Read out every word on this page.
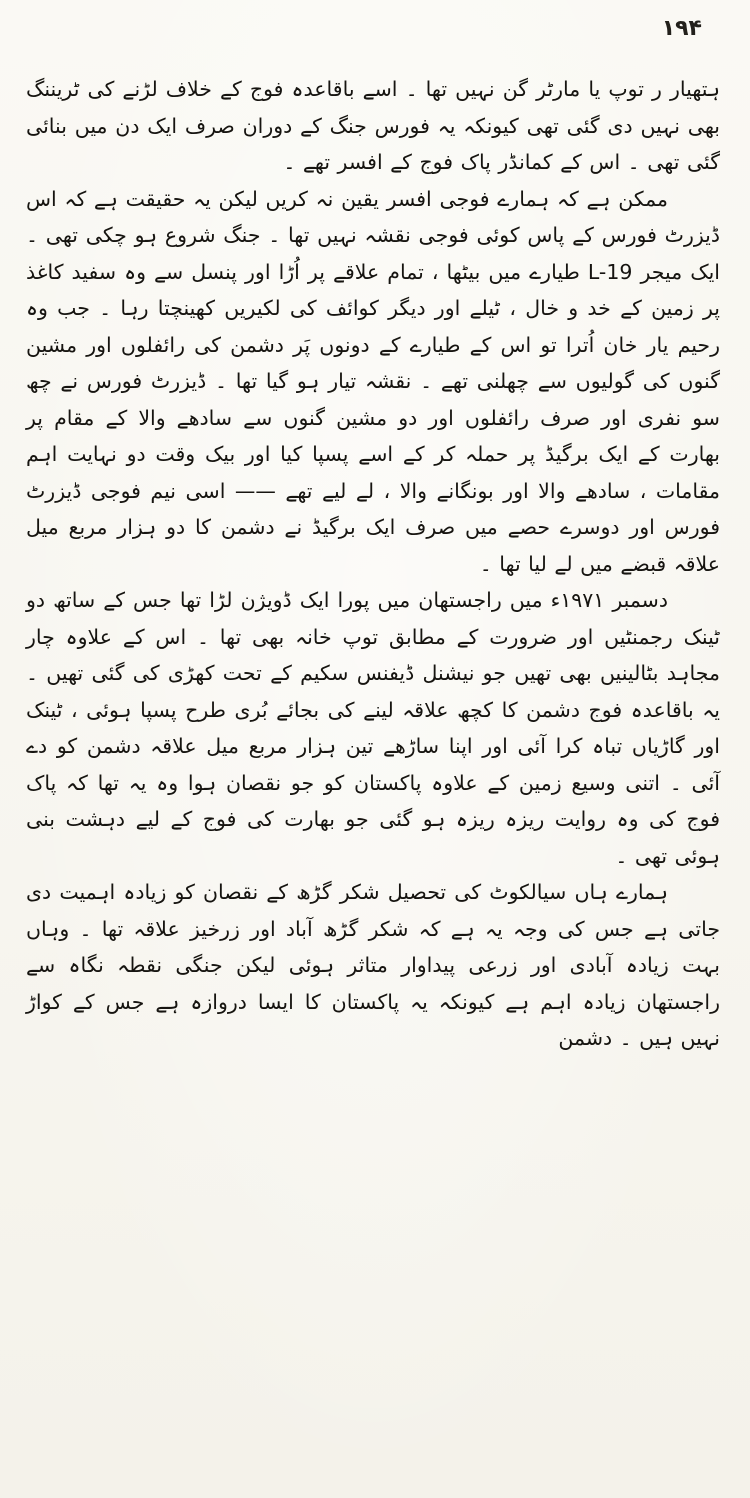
۱۹۴

ہتھیار ر توپ یا مارٹر گن نہیں تھا ۔ اسے باقاعدہ فوج کے خلاف لڑنے کی ٹریننگ بھی نہیں دی گئی تھی کیونکہ یہ فورس جنگ کے دوران صرف ایک دن میں بنائی گئی تھی ۔ اس کے کمانڈر پاک فوج کے افسر تھے ۔

ممکن ہے کہ ہمارے فوجی افسر یقین نہ کریں لیکن یہ حقیقت ہے کہ اس ڈیزرٹ فورس کے پاس کوئی فوجی نقشہ نہیں تھا ۔ جنگ شروع ہو چکی تھی ۔ ایک میجر L-19 طیارے میں بیٹھا ، تمام علاقے پر اُڑا اور پنسل سے وہ سفید کاغذ پر زمین کے خد و خال ، ٹیلے اور دیگر کوائف کی لکیریں کھینچتا رہا ۔ جب وہ رحیم یار خان اُترا تو اس کے طیارے کے دونوں پَر دشمن کی رائفلوں اور مشین گنوں کی گولیوں سے چھلنی تھے ۔ نقشہ تیار ہو گیا تھا ۔ ڈیزرٹ فورس نے چھ سو نفری اور صرف رائفلوں اور دو مشین گنوں سے سادھے والا کے مقام پر بھارت کے ایک برگیڈ پر حملہ کر کے اسے پسپا کیا اور بیک وقت دو نہایت اہم مقامات ، سادھے والا اور بونگانے والا ، لے لیے تھے —— اسی نیم فوجی ڈیزرٹ فورس اور دوسرے حصے میں صرف ایک برگیڈ نے دشمن کا دو ہزار مربع میل علاقہ قبضے میں لے لیا تھا ۔

دسمبر ۱۹۷۱ء میں راجستھان میں پورا ایک ڈویژن لڑا تھا جس کے ساتھ دو ٹینک رجمنٹیں اور ضرورت کے مطابق توپ خانہ بھی تھا ۔ اس کے علاوہ چار مجاہد بٹالینیں بھی تھیں جو نیشنل ڈیفنس سکیم کے تحت کھڑی کی گئی تھیں ۔ یہ باقاعدہ فوج دشمن کا کچھ علاقہ لینے کی بجائے بُری طرح پسپا ہوئی ، ٹینک اور گاڑیاں تباہ کرا آئی اور اپنا ساڑھے تین ہزار مربع میل علاقہ دشمن کو دے آئی ۔ اتنی وسیع زمین کے علاوہ پاکستان کو جو نقصان ہوا وہ یہ تھا کہ پاک فوج کی وہ روایت ریزہ ریزہ ہو گئی جو بھارت کی فوج کے لیے دہشت بنی ہوئی تھی ۔

ہمارے ہاں سیالکوٹ کی تحصیل شکر گڑھ کے نقصان کو زیادہ اہمیت دی جاتی ہے جس کی وجہ یہ ہے کہ شکر گڑھ آباد اور زرخیز علاقہ تھا ۔ وہاں بہت زیادہ آبادی اور زرعی پیداوار متاثر ہوئی لیکن جنگی نقطہ نگاہ سے راجستھان زیادہ اہم ہے کیونکہ یہ پاکستان کا ایسا دروازہ ہے جس کے کواڑ نہیں ہیں ۔ دشمن
